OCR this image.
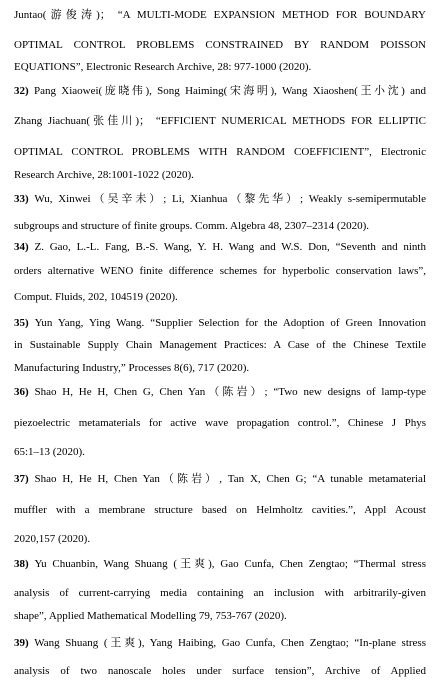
Juntao(游俊涛)； “A MULTI-MODE EXPANSION METHOD FOR BOUNDARY
OPTIMAL CONTROL PROBLEMS CONSTRAINED BY RANDOM POISSON
EQUATIONS”, Electronic Research Archive, 28: 977-1000 (2020).
32) Pang Xiaowei(庞晓伟), Song Haiming(宋海明), Wang Xiaoshen(王小沈) and
Zhang Jiachuan(张佳川)； “EFFICIENT NUMERICAL METHODS FOR ELLIPTIC
OPTIMAL CONTROL PROBLEMS WITH RANDOM COEFFICIENT”, Electronic
Research Archive, 28:1001-1022 (2020).
33) Wu, Xinwei（吴辛未）; Li, Xianhua（黎先华）; Weakly s-semipermutable
subgroups and structure of finite groups. Comm. Algebra 48, 2307–2314 (2020).
34) Z. Gao, L.-L. Fang, B.-S. Wang, Y. H. Wang and W.S. Don, “Seventh and ninth
orders alternative WENO finite difference schemes for hyperbolic conservation laws”,
Comput. Fluids, 202, 104519 (2020).
35) Yun Yang, Ying Wang. “Supplier Selection for the Adoption of Green Innovation
in Sustainable Supply Chain Management Practices: A Case of the Chinese Textile
Manufacturing Industry,” Processes 8(6), 717 (2020).
36) Shao H, He H, Chen G, Chen Yan（陈岩）; “Two new designs of lamp-type
piezoelectric metamaterials for active wave propagation control.”, Chinese J Phys
65:1–13 (2020).
37) Shao H, He H, Chen Yan（陈岩）, Tan X, Chen G; “A tunable metamaterial
muffler with a membrane structure based on Helmholtz cavities.”, Appl Acoust
2020,157 (2020).
38) Yu Chuanbin, Wang Shuang (王爽), Gao Cunfa, Chen Zengtao; “Thermal stress
analysis of current-carrying media containing an inclusion with arbitrarily-given
shape”, Applied Mathematical Modelling 79, 753-767 (2020).
39) Wang Shuang (王爽), Yang Haibing, Gao Cunfa, Chen Zengtao; “In-plane stress
analysis of two nanoscale holes under surface tension”, Archive of Applied
